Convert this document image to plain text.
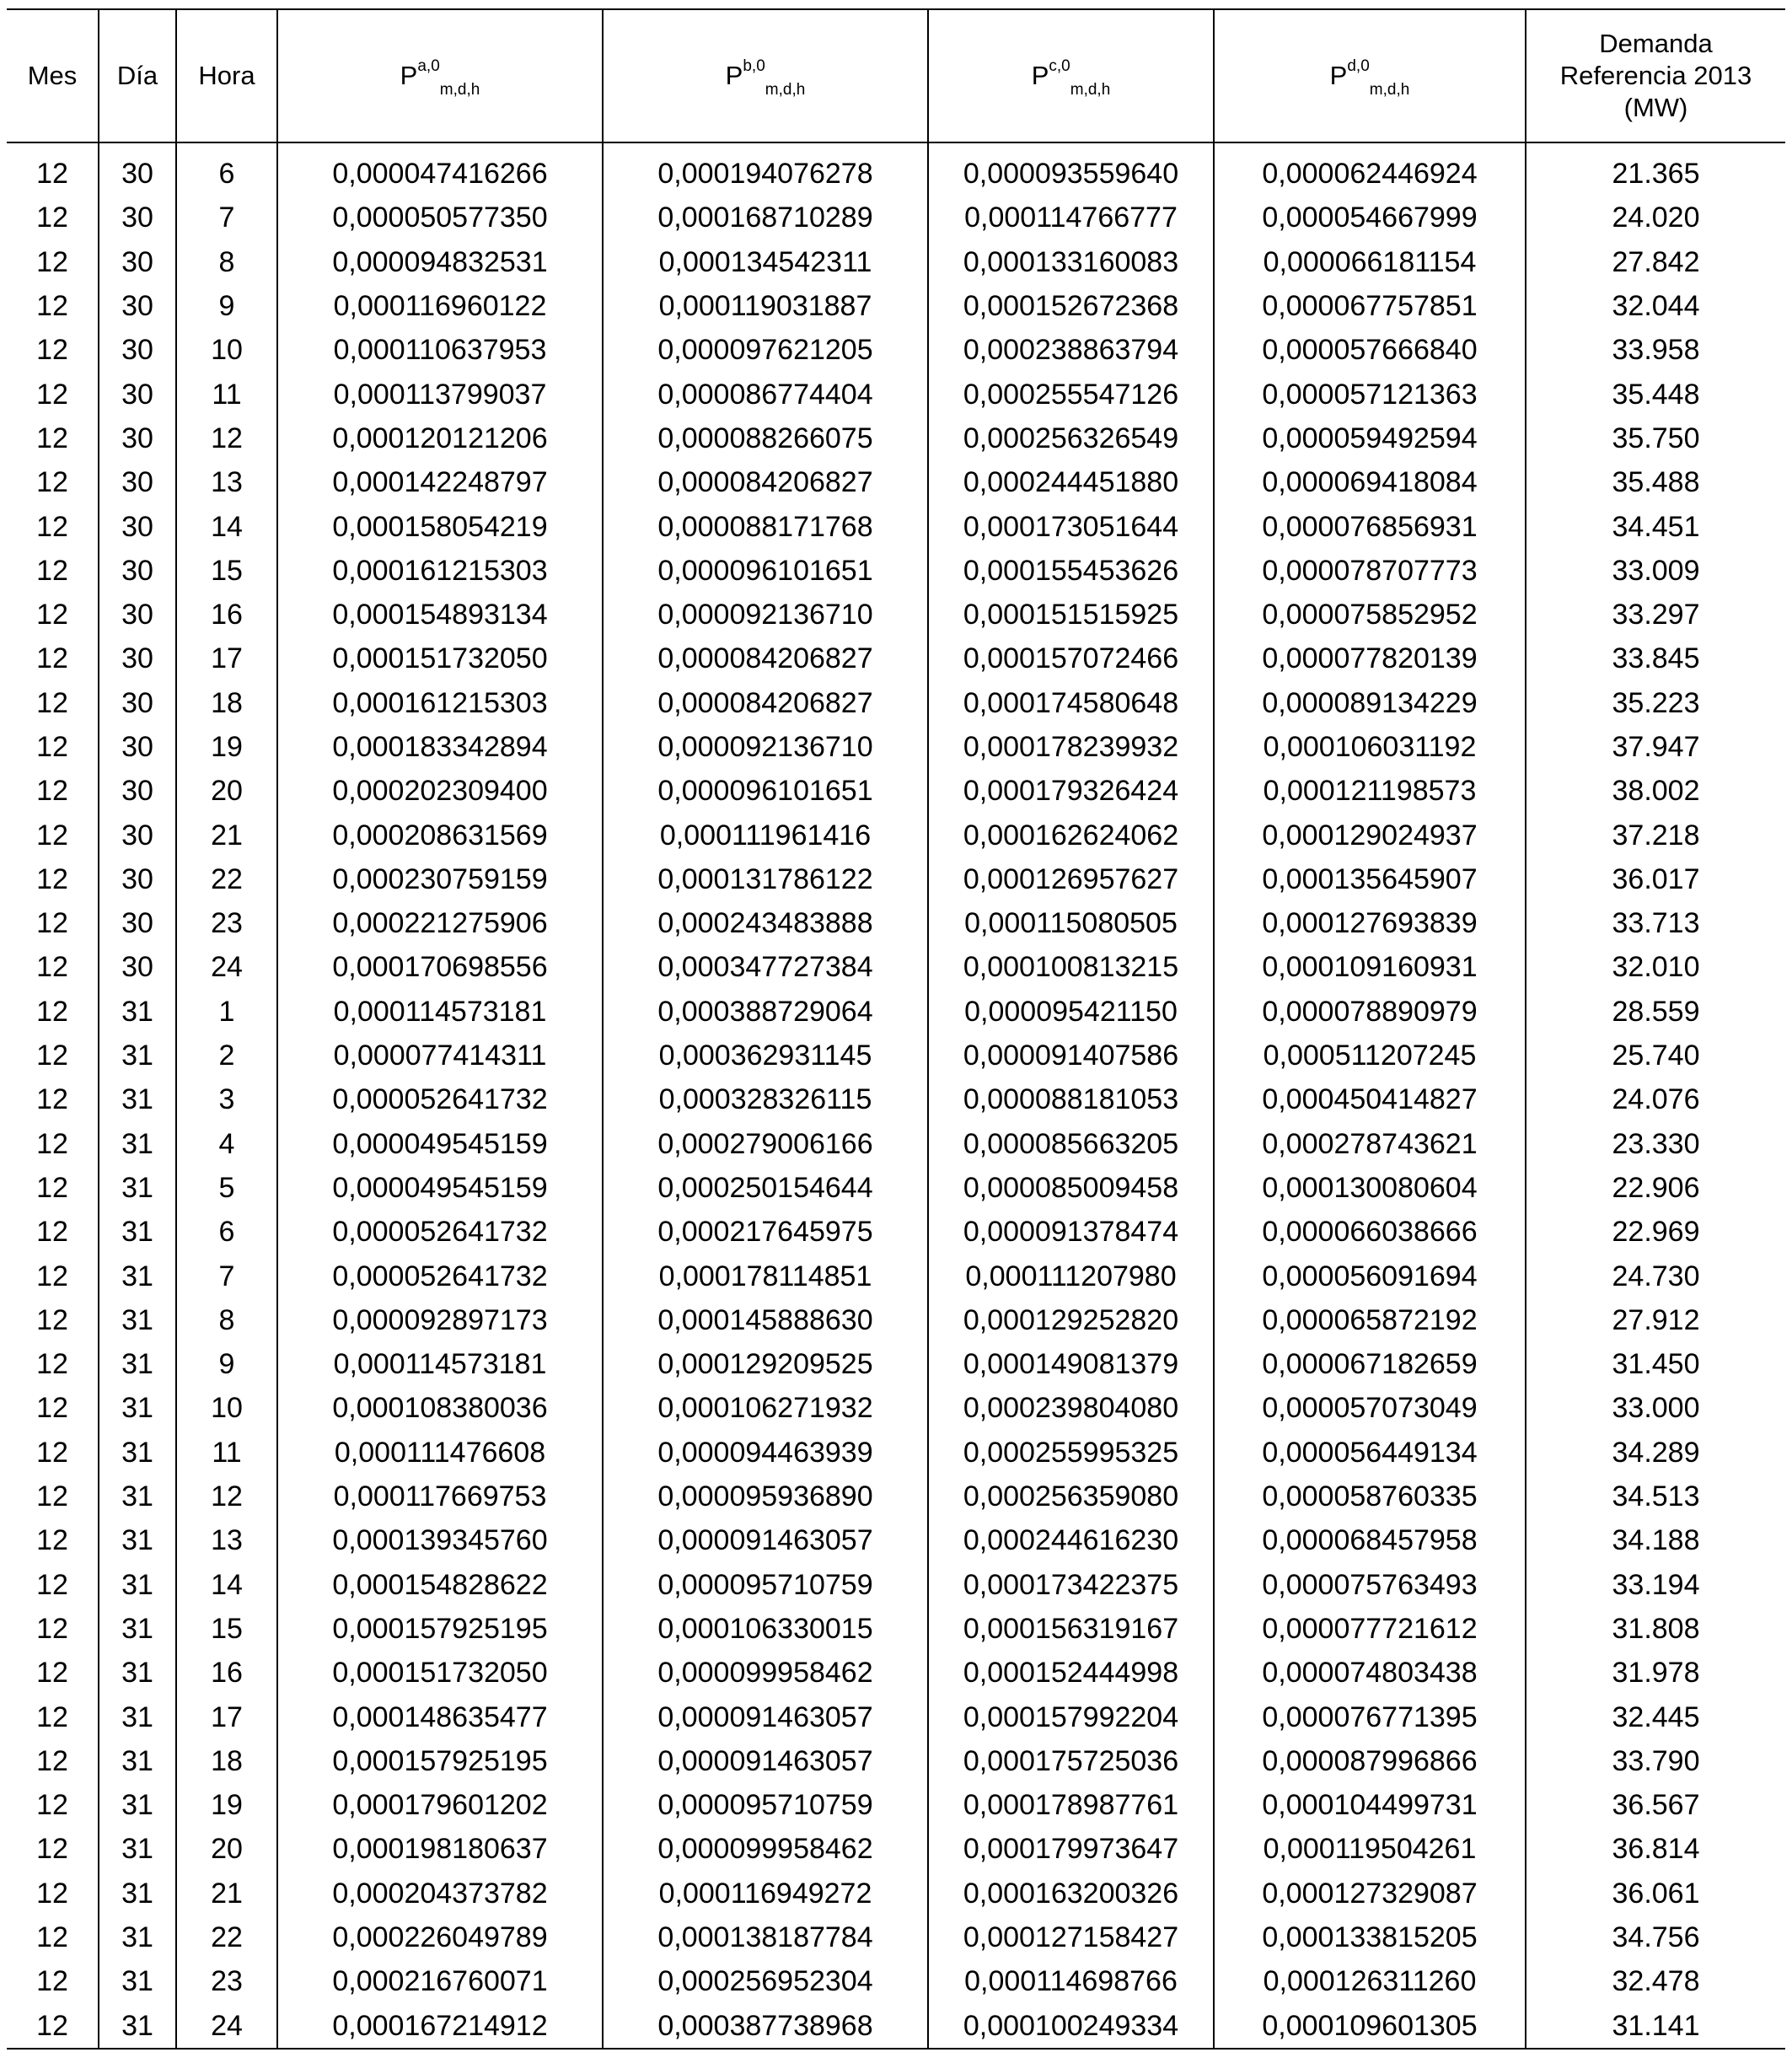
Mes	Día	Hora	P$^{a,0}_{m,d,h}$	P$^{b,0}_{m,d,h}$	P$^{c,0}_{m,d,h}$	P$^{d,0}_{m,d,h}$	Demanda
Referencia 2013
(MW)
12	30	6	0,000047416266	0,000194076278	0,000093559640	0,000062446924	21.365
12	30	7	0,000050577350	0,000168710289	0,000114766777	0,000054667999	24.020
12	30	8	0,000094832531	0,000134542311	0,000133160083	0,000066181154	27.842
12	30	9	0,000116960122	0,000119031887	0,000152672368	0,000067757851	32.044
12	30	10	0,000110637953	0,000097621205	0,000238863794	0,000057666840	33.958
12	30	11	0,000113799037	0,000086774404	0,000255547126	0,000057121363	35.448
12	30	12	0,000120121206	0,000088266075	0,000256326549	0,000059492594	35.750
12	30	13	0,000142248797	0,000084206827	0,000244451880	0,000069418084	35.488
12	30	14	0,000158054219	0,000088171768	0,000173051644	0,000076856931	34.451
12	30	15	0,000161215303	0,000096101651	0,000155453626	0,000078707773	33.009
12	30	16	0,000154893134	0,000092136710	0,000151515925	0,000075852952	33.297
12	30	17	0,000151732050	0,000084206827	0,000157072466	0,000077820139	33.845
12	30	18	0,000161215303	0,000084206827	0,000174580648	0,000089134229	35.223
12	30	19	0,000183342894	0,000092136710	0,000178239932	0,000106031192	37.947
12	30	20	0,000202309400	0,000096101651	0,000179326424	0,000121198573	38.002
12	30	21	0,000208631569	0,000111961416	0,000162624062	0,000129024937	37.218
12	30	22	0,000230759159	0,000131786122	0,000126957627	0,000135645907	36.017
12	30	23	0,000221275906	0,000243483888	0,000115080505	0,000127693839	33.713
12	30	24	0,000170698556	0,000347727384	0,000100813215	0,000109160931	32.010
12	31	1	0,000114573181	0,000388729064	0,000095421150	0,000078890979	28.559
12	31	2	0,000077414311	0,000362931145	0,000091407586	0,000511207245	25.740
12	31	3	0,000052641732	0,000328326115	0,000088181053	0,000450414827	24.076
12	31	4	0,000049545159	0,000279006166	0,000085663205	0,000278743621	23.330
12	31	5	0,000049545159	0,000250154644	0,000085009458	0,000130080604	22.906
12	31	6	0,000052641732	0,000217645975	0,000091378474	0,000066038666	22.969
12	31	7	0,000052641732	0,000178114851	0,000111207980	0,000056091694	24.730
12	31	8	0,000092897173	0,000145888630	0,000129252820	0,000065872192	27.912
12	31	9	0,000114573181	0,000129209525	0,000149081379	0,000067182659	31.450
12	31	10	0,000108380036	0,000106271932	0,000239804080	0,000057073049	33.000
12	31	11	0,000111476608	0,000094463939	0,000255995325	0,000056449134	34.289
12	31	12	0,000117669753	0,000095936890	0,000256359080	0,000058760335	34.513
12	31	13	0,000139345760	0,000091463057	0,000244616230	0,000068457958	34.188
12	31	14	0,000154828622	0,000095710759	0,000173422375	0,000075763493	33.194
12	31	15	0,000157925195	0,000106330015	0,000156319167	0,000077721612	31.808
12	31	16	0,000151732050	0,000099958462	0,000152444998	0,000074803438	31.978
12	31	17	0,000148635477	0,000091463057	0,000157992204	0,000076771395	32.445
12	31	18	0,000157925195	0,000091463057	0,000175725036	0,000087996866	33.790
12	31	19	0,000179601202	0,000095710759	0,000178987761	0,000104499731	36.567
12	31	20	0,000198180637	0,000099958462	0,000179973647	0,000119504261	36.814
12	31	21	0,000204373782	0,000116949272	0,000163200326	0,000127329087	36.061
12	31	22	0,000226049789	0,000138187784	0,000127158427	0,000133815205	34.756
12	31	23	0,000216760071	0,000256952304	0,000114698766	0,000126311260	32.478
12	31	24	0,000167214912	0,000387738968	0,000100249334	0,000109601305	31.141
